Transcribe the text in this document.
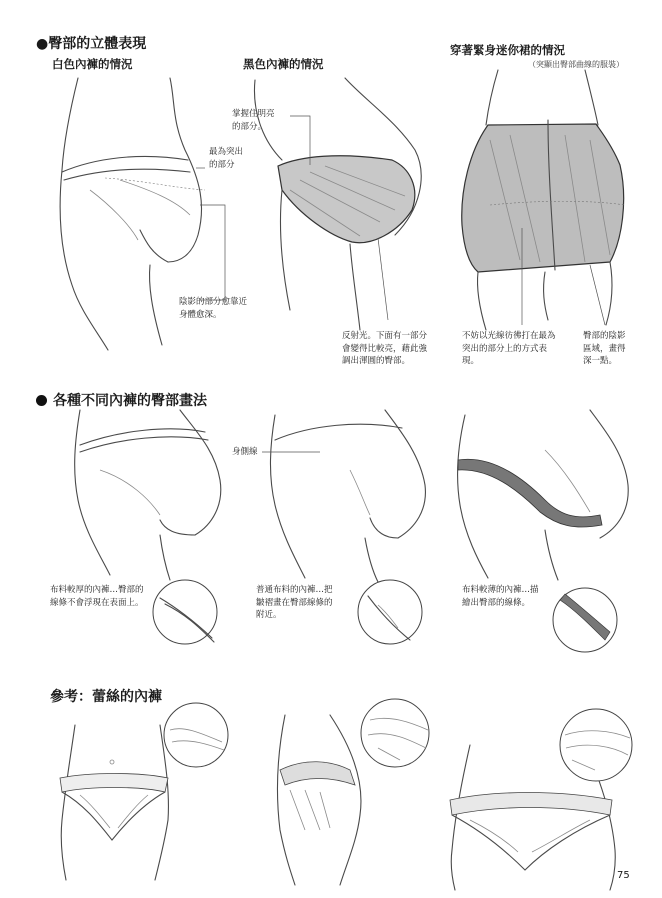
●臀部的立體表現
白色內褲的情況	黑色內褲的情況
穿著緊身迷你裙的情況
（突顯出臀部曲線的服裝）
掌握住明亮
的部分。
最為突出
的部分
陰影的部分愈靠近
身體愈深。
反射光。下面有一部分
會變得比較亮，藉此強
調出渾圓的臀部。
不妨以光線彷彿打在最為
突出的部分上的方式表
現。
臀部的陰影
區域，畫得
深一點。
各種不同內褲的臀部畫法
身側線
布料較厚的內褲…臀部的
線條不會浮現在表面上。
普通布料的內褲…把
皺褶畫在臀部線條的
附近。
布料較薄的內褲…描
繪出臀部的線條。
參考：蕾絲的內褲
75
